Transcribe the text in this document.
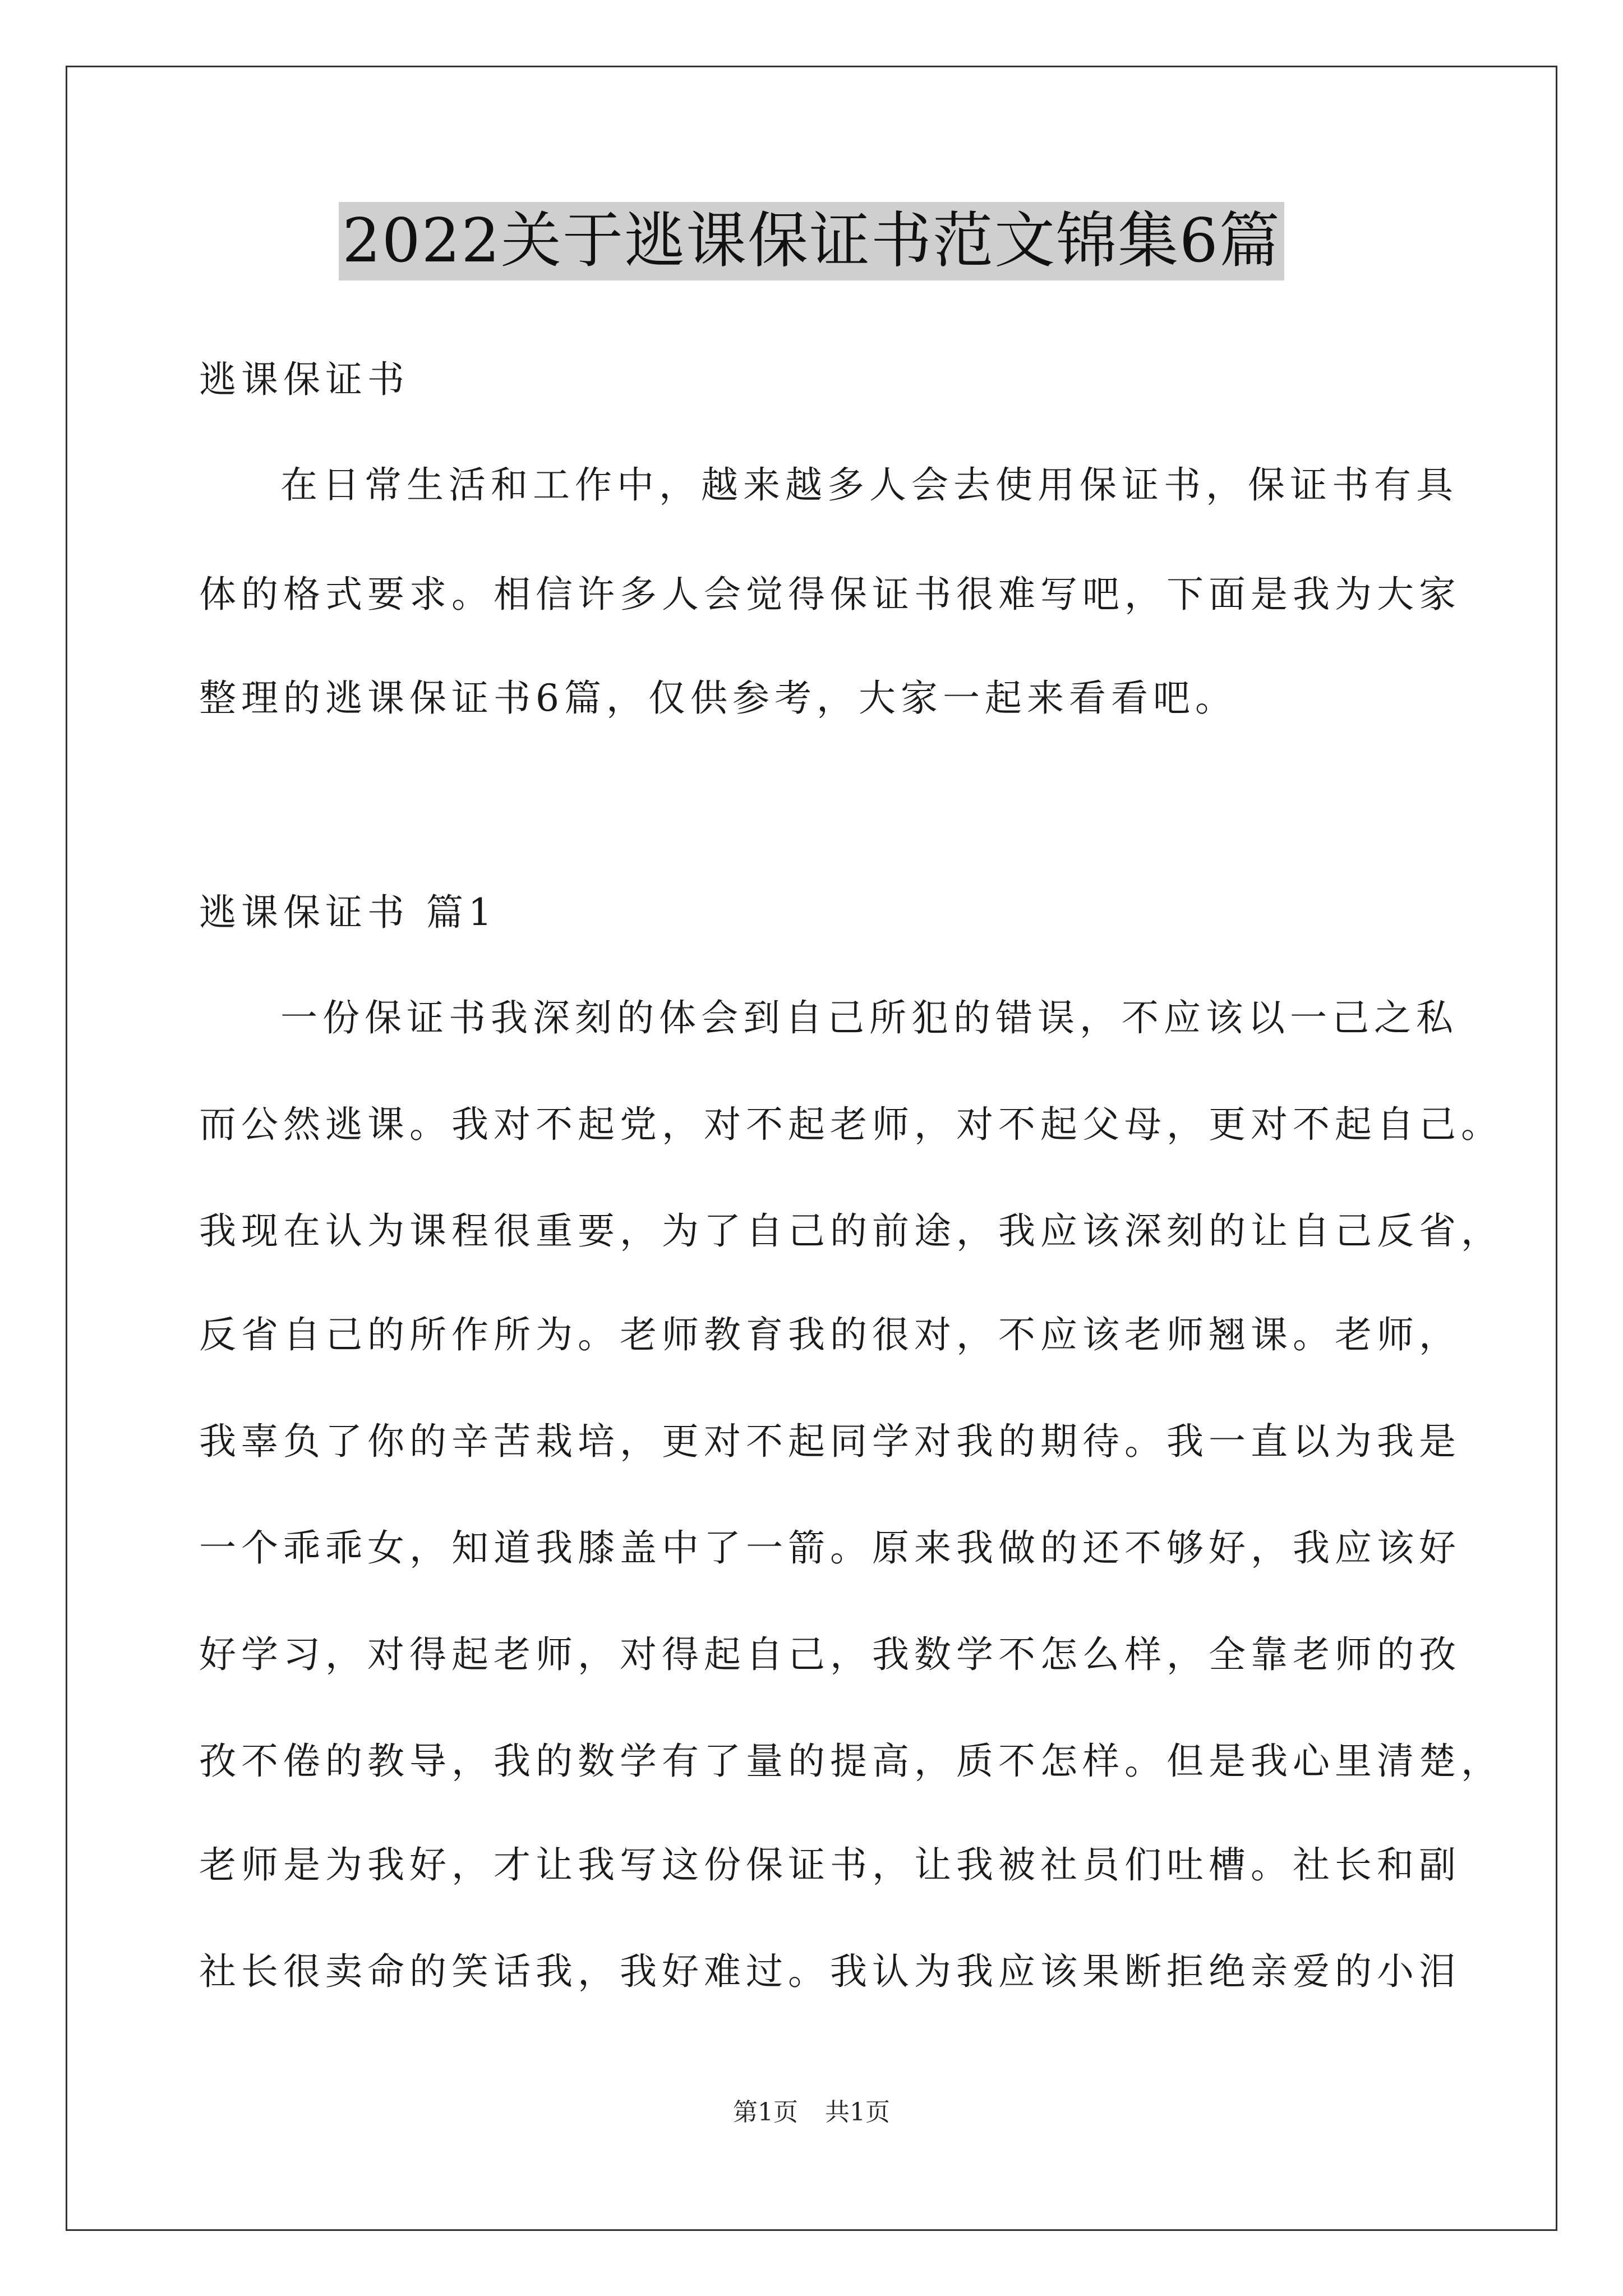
2022关于逃课保证书范文锦集6篇
逃课保证书
在日常生活和工作中，越来越多人会去使用保证书，保证书有具
体的格式要求。相信许多人会觉得保证书很难写吧，下面是我为大家
整理的逃课保证书6篇，仅供参考，大家一起来看看吧。
逃课保证书 篇1
一份保证书我深刻的体会到自己所犯的错误，不应该以一己之私
而公然逃课。我对不起党，对不起老师，对不起父母，更对不起自己。
我现在认为课程很重要，为了自己的前途，我应该深刻的让自己反省，
反省自己的所作所为。老师教育我的很对，不应该老师翘课。老师，
我辜负了你的辛苦栽培，更对不起同学对我的期待。我一直以为我是
一个乖乖女，知道我膝盖中了一箭。原来我做的还不够好，我应该好
好学习，对得起老师，对得起自己，我数学不怎么样，全靠老师的孜
孜不倦的教导，我的数学有了量的提高，质不怎样。但是我心里清楚，
老师是为我好，才让我写这份保证书，让我被社员们吐槽。社长和副
社长很卖命的笑话我，我好难过。我认为我应该果断拒绝亲爱的小泪
第1页 共1页
